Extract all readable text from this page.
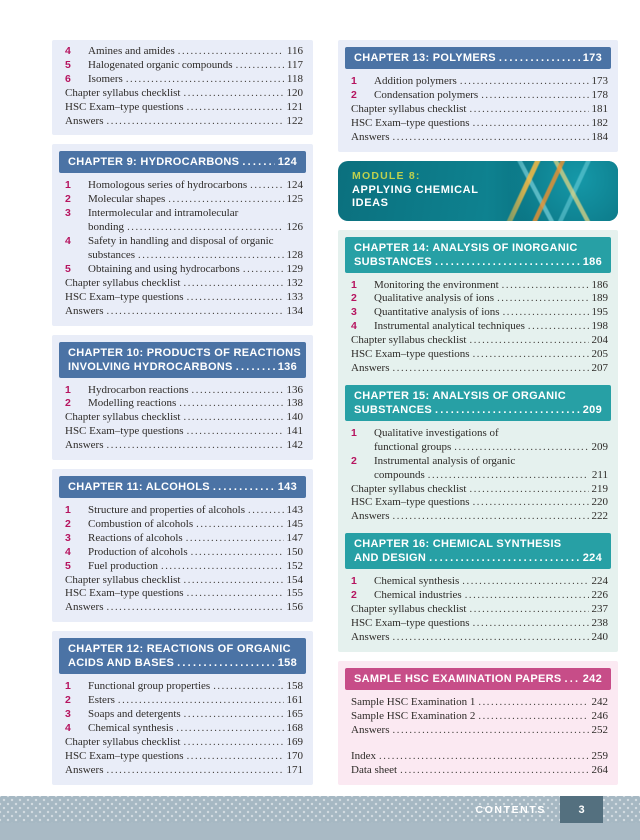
4	Amines and amides .....	116
5	Halogenated organic compounds .....	117
6	Isomers .....	118
Chapter syllabus checklist .....	120
HSC Exam–type questions .....	121
Answers .....	122
CHAPTER 9: HYDROCARBONS .....	124
1	Homologous series of hydrocarbons .....	124
2	Molecular shapes .....	125
3	Intermolecular and intramolecular
bonding .....	126
4	Safety in handling and disposal of organic
substances .....	128
5	Obtaining and using hydrocarbons .....	129
Chapter syllabus checklist .....	132
HSC Exam–type questions .....	133
Answers .....	134
CHAPTER 10: PRODUCTS OF REACTIONS
INVOLVING HYDROCARBONS .....	136
1	Hydrocarbon reactions .....	136
2	Modelling reactions .....	138
Chapter syllabus checklist .....	140
HSC Exam–type questions .....	141
Answers .....	142
CHAPTER 11: ALCOHOLS .....	143
1	Structure and properties of alcohols .....	143
2	Combustion of alcohols .....	145
3	Reactions of alcohols .....	147
4	Production of alcohols .....	150
5	Fuel production .....	152
Chapter syllabus checklist .....	154
HSC Exam–type questions .....	155
Answers .....	156
CHAPTER 12: REACTIONS OF ORGANIC
ACIDS AND BASES .....	158
1	Functional group properties .....	158
2	Esters .....	161
3	Soaps and detergents .....	165
4	Chemical synthesis .....	168
Chapter syllabus checklist .....	169
HSC Exam–type questions .....	170
Answers .....	171
CHAPTER 13: POLYMERS .....	173
1	Addition polymers .....	173
2	Condensation polymers .....	178
Chapter syllabus checklist .....	181
HSC Exam–type questions .....	182
Answers .....	184
MODULE 8:
APPLYING CHEMICAL IDEAS
CHAPTER 14: ANALYSIS OF INORGANIC
SUBSTANCES .....	186
1	Monitoring the environment .....	186
2	Qualitative analysis of ions .....	189
3	Quantitative analysis of ions .....	195
4	Instrumental analytical techniques .....	198
Chapter syllabus checklist .....	204
HSC Exam–type questions .....	205
Answers .....	207
CHAPTER 15: ANALYSIS OF ORGANIC
SUBSTANCES .....	209
1	Qualitative investigations of
functional groups .....	209
2	Instrumental analysis of organic
compounds .....	211
Chapter syllabus checklist .....	219
HSC Exam–type questions .....	220
Answers .....	222
CHAPTER 16: CHEMICAL SYNTHESIS
AND DESIGN .....	224
1	Chemical synthesis .....	224
2	Chemical industries .....	226
Chapter syllabus checklist .....	237
HSC Exam–type questions .....	238
Answers .....	240
SAMPLE HSC EXAMINATION PAPERS ..... 242
Sample HSC Examination 1 .....	242
Sample HSC Examination 2 .....	246
Answers .....	252
Index .....	259
Data sheet .....	264
CONTENTS	3
